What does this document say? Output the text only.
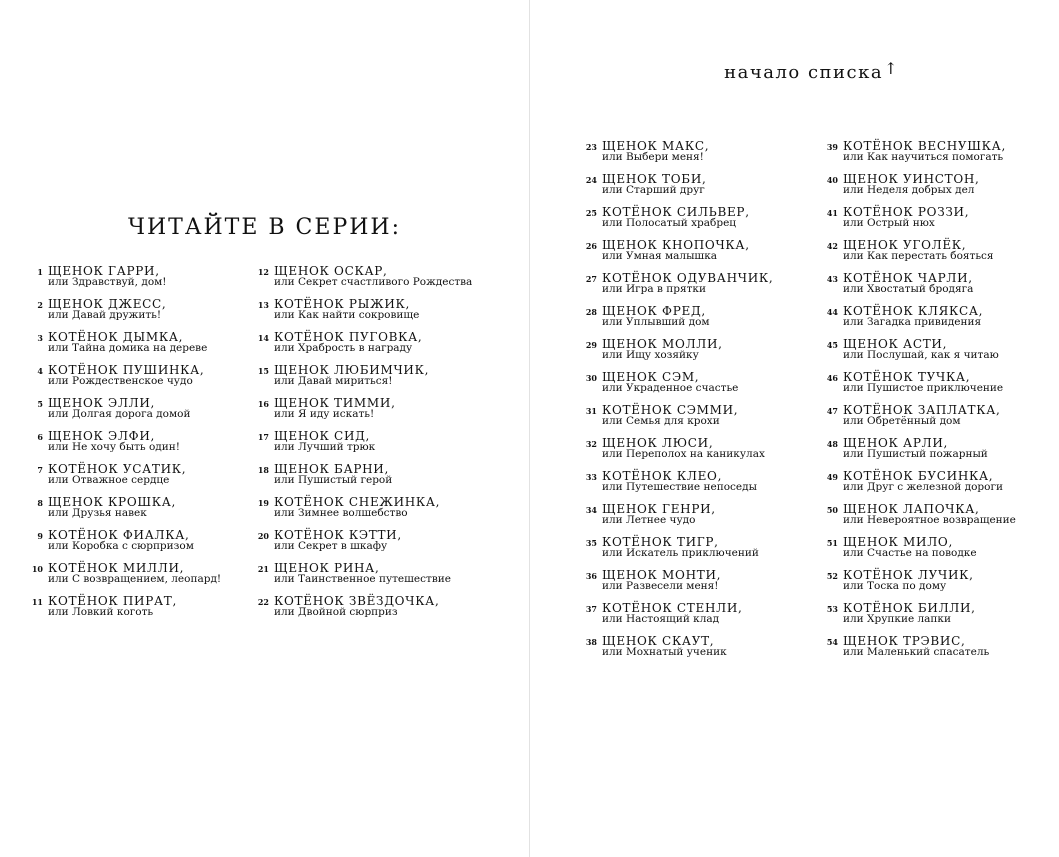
ЧИТАЙТЕ В СЕРИИ:
1 ЩЕНОК ГАРРИ,
или Здравствуй, дом!
2 ЩЕНОК ДЖЕСС,
или Давай дружить!
3 КОТЁНОК ДЫМКА,
или Тайна домика на дереве
4 КОТЁНОК ПУШИНКА,
или Рождественское чудо
5 ЩЕНОК ЭЛЛИ,
или Долгая дорога домой
6 ЩЕНОК ЭЛФИ,
или Не хочу быть один!
7 КОТЁНОК УСАТИК,
или Отважное сердце
8 ЩЕНОК КРОШКА,
или Друзья навек
9 КОТЁНОК ФИАЛКА,
или Коробка с сюрпризом
10 КОТЁНОК МИЛЛИ,
или С возвращением, леопард!
11 КОТЁНОК ПИРАТ,
или Ловкий коготь
12 ЩЕНОК ОСКАР,
или Секрет счастливого Рождества
13 КОТЁНОК РЫЖИК,
или Как найти сокровище
14 КОТЁНОК ПУГОВКА,
или Храбрость в награду
15 ЩЕНОК ЛЮБИМЧИК,
или Давай мириться!
16 ЩЕНОК ТИММИ,
или Я иду искать!
17 ЩЕНОК СИД,
или Лучший трюк
18 ЩЕНОК БАРНИ,
или Пушистый герой
19 КОТЁНОК СНЕЖИНКА,
или Зимнее волшебство
20 КОТЁНОК КЭТТИ,
или Секрет в шкафу
21 ЩЕНОК РИНА,
или Таинственное путешествие
22 КОТЁНОК ЗВЁЗДОЧКА,
или Двойной сюрприз
начало списка ↑
23 ЩЕНОК МАКС,
или Выбери меня!
24 ЩЕНОК ТОБИ,
или Старший друг
25 КОТЁНОК СИЛЬВЕР,
или Полосатый храбрец
26 ЩЕНОК КНОПОЧКА,
или Умная малышка
27 КОТЁНОК ОДУВАНЧИК,
или Игра в прятки
28 ЩЕНОК ФРЕД,
или Уплывший дом
29 ЩЕНОК МОЛЛИ,
или Ищу хозяйку
30 ЩЕНОК СЭМ,
или Украденное счастье
31 КОТЁНОК СЭММИ,
или Семья для крохи
32 ЩЕНОК ЛЮСИ,
или Переполох на каникулах
33 КОТЁНОК КЛЕО,
или Путешествие непоседы
34 ЩЕНОК ГЕНРИ,
или Летнее чудо
35 КОТЁНОК ТИГР,
или Искатель приключений
36 ЩЕНОК МОНТИ,
или Развесели меня!
37 КОТЁНОК СТЕНЛИ,
или Настоящий клад
38 ЩЕНОК СКАУТ,
или Мохнатый ученик
39 КОТЁНОК ВЕСНУШКА,
или Как научиться помогать
40 ЩЕНОК УИНСТОН,
или Неделя добрых дел
41 КОТЁНОК РОЗЗИ,
или Острый нюх
42 ЩЕНОК УГОЛЁК,
или Как перестать бояться
43 КОТЁНОК ЧАРЛИ,
или Хвостатый бродяга
44 КОТЁНОК КЛЯКСА,
или Загадка привидения
45 ЩЕНОК АСТИ,
или Послушай, как я читаю
46 КОТЁНОК ТУЧКА,
или Пушистое приключение
47 КОТЁНОК ЗАПЛАТКА,
или Обретённый дом
48 ЩЕНОК АРЛИ,
или Пушистый пожарный
49 КОТЁНОК БУСИНКА,
или Друг с железной дороги
50 ЩЕНОК ЛАПОЧКА,
или Невероятное возвращение
51 ЩЕНОК МИЛО,
или Счастье на поводке
52 КОТЁНОК ЛУЧИК,
или Тоска по дому
53 КОТЁНОК БИЛЛИ,
или Хрупкие лапки
54 ЩЕНОК ТРЭВИС,
или Маленький спасатель
